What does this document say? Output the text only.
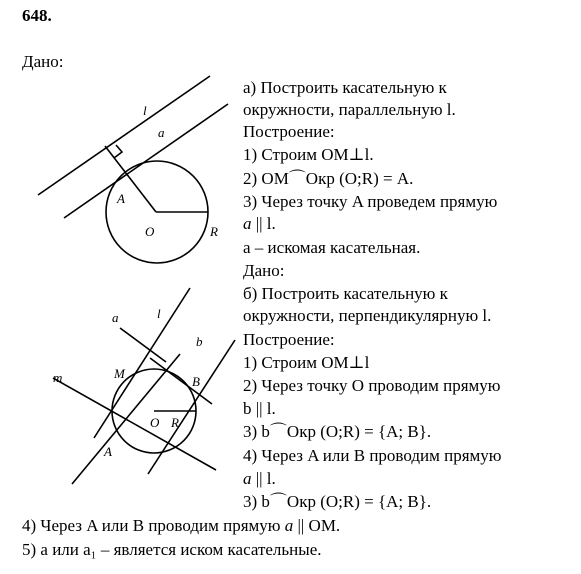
648.
Дано:
l
a
A
O	R
a	l
b
m	M
B
O R
A
а) Построить касательную к
окружности, параллельную l.
Построение:
1) Строим OM⊥l.
2) OM⌒Окр (O;R) = A.
3) Через точку A проведем прямую
a || l.
a – искомая касательная.
Дано:
б) Построить касательную к
окружности, перпендикулярную l.
Построение:
1) Строим OM⊥l
2) Через точку O проводим прямую
b || l.
3) b⌒Окр (O;R) = {A; B}.
4) Через A или B проводим прямую
a || l.
3) b⌒Окр (O;R) = {A; B}.
4) Через A или B проводим прямую a || OM.
5) a или a₁ – является иском касательные.
